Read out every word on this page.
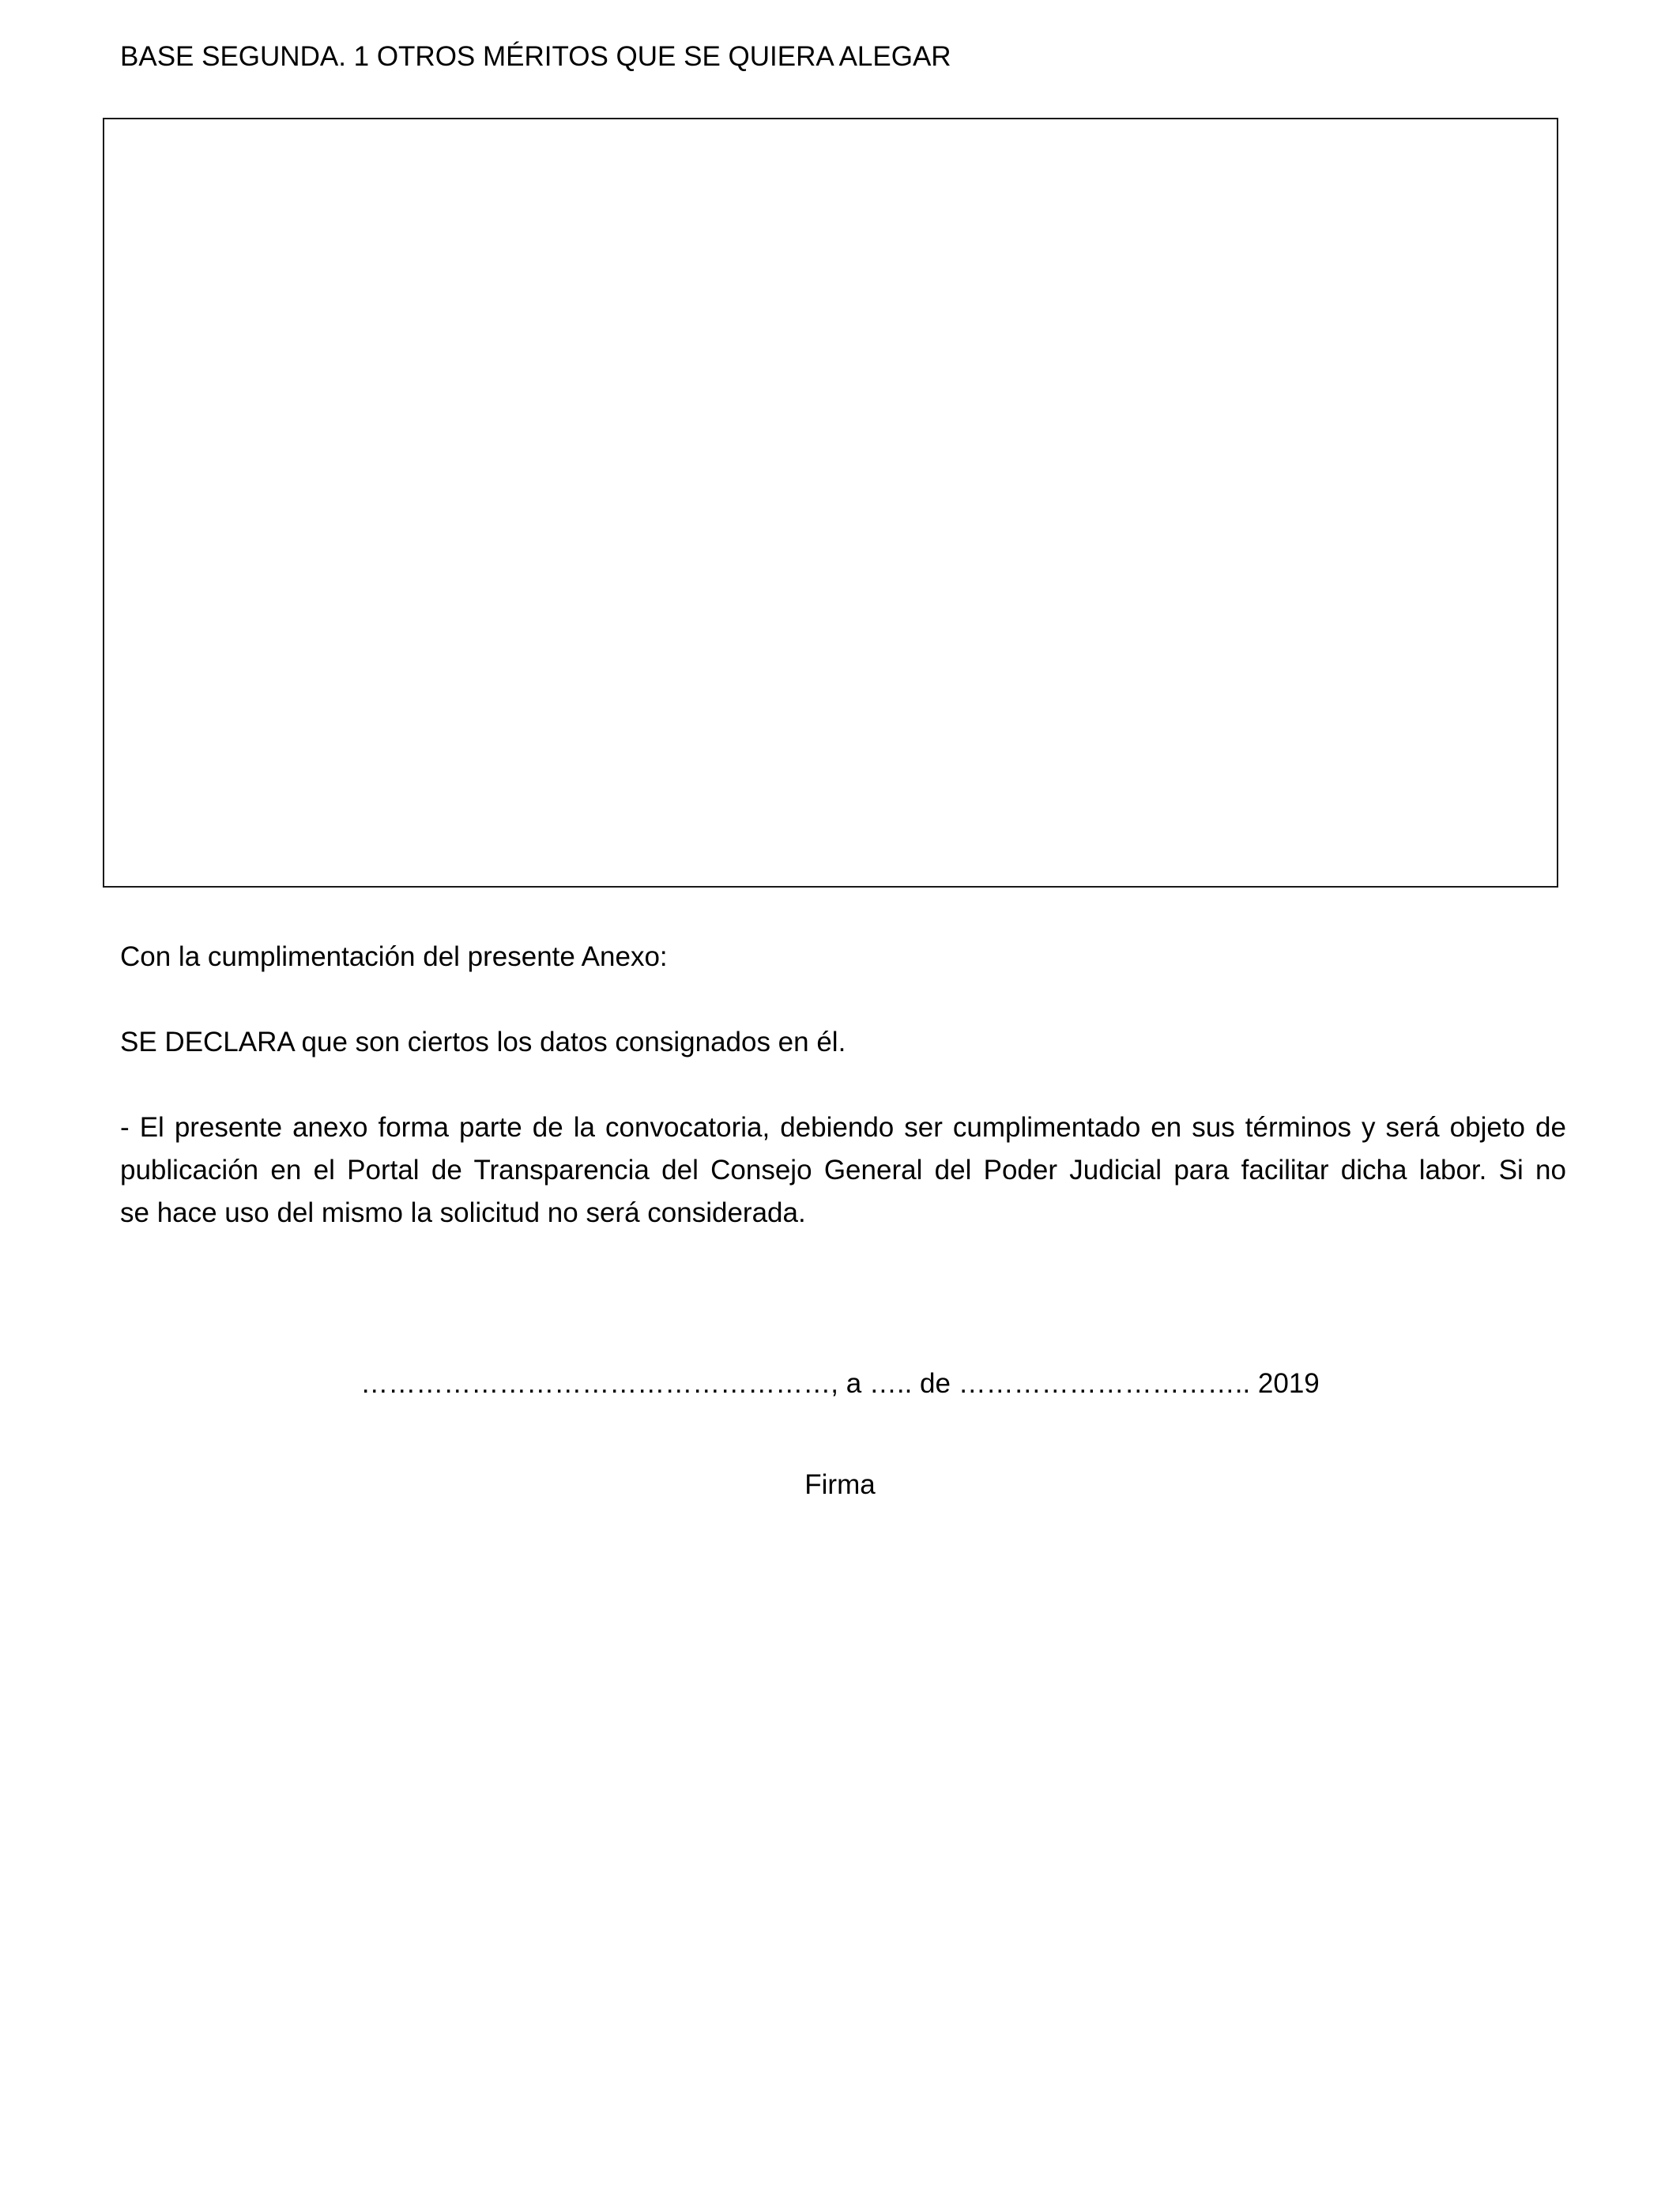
BASE SEGUNDA. 1 OTROS MÉRITOS QUE SE QUIERA ALEGAR
Con la cumplimentación del presente Anexo:
SE DECLARA que son ciertos los datos consignados en él.
- El presente anexo forma parte de la convocatoria, debiendo ser cumplimentado en sus términos y será objeto de
publicación en el Portal de Transparencia del Consejo General del Poder Judicial para facilitar dicha labor. Si no
se hace uso del mismo la solicitud no será considerada.
……………………………………………, a ….. de ………………………….. 2019
Firma
